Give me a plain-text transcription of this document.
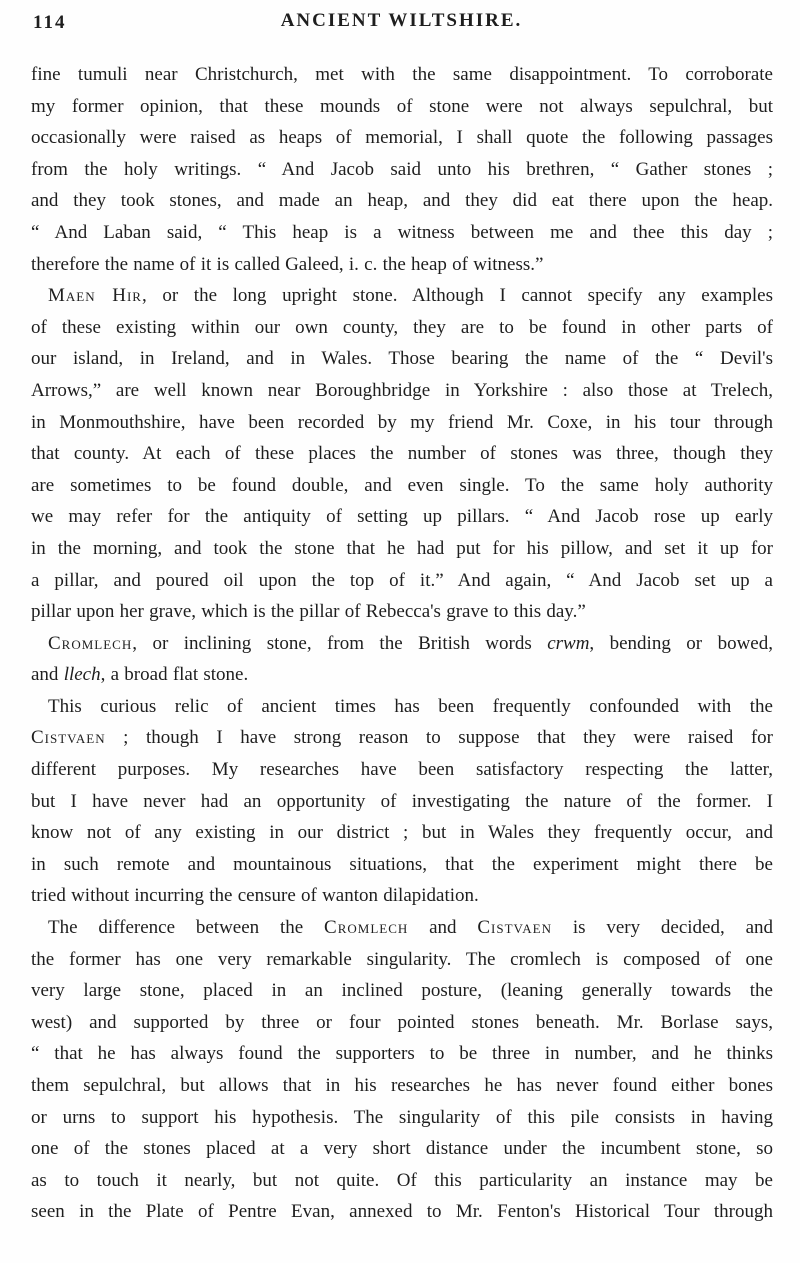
114	ANCIENT WILTSHIRE.
fine tumuli near Christchurch, met with the same disappointment. To corroborate
my former opinion, that these mounds of stone were not always sepulchral, but
occasionally were raised as heaps of memorial, I shall quote the following passages
from the holy writings. “ And Jacob said unto his brethren, “ Gather stones ;
and they took stones, and made an heap, and they did eat there upon the heap.
“ And Laban said, “ This heap is a witness between me and thee this day ;
therefore the name of it is called Galeed, i. c. the heap of witness.”
Maen Hir, or the long upright stone. Although I cannot specify any examples
of these existing within our own county, they are to be found in other parts of
our island, in Ireland, and in Wales. Those bearing the name of the “ Devil's
Arrows,” are well known near Boroughbridge in Yorkshire : also those at Trelech,
in Monmouthshire, have been recorded by my friend Mr. Coxe, in his tour through
that county. At each of these places the number of stones was three, though they
are sometimes to be found double, and even single. To the same holy authority
we may refer for the antiquity of setting up pillars. “ And Jacob rose up early
in the morning, and took the stone that he had put for his pillow, and set it up for
a pillar, and poured oil upon the top of it.” And again, “ And Jacob set up a
pillar upon her grave, which is the pillar of Rebecca's grave to this day.”
Cromlech, or inclining stone, from the British words crwm, bending or bowed,
and llech, a broad flat stone.
This curious relic of ancient times has been frequently confounded with the
Cistvaen ; though I have strong reason to suppose that they were raised for
different purposes. My researches have been satisfactory respecting the latter,
but I have never had an opportunity of investigating the nature of the former. I
know not of any existing in our district ; but in Wales they frequently occur, and
in such remote and mountainous situations, that the experiment might there be
tried without incurring the censure of wanton dilapidation.
The difference between the Cromlech and Cistvaen is very decided, and
the former has one very remarkable singularity. The cromlech is composed of one
very large stone, placed in an inclined posture, (leaning generally towards the
west) and supported by three or four pointed stones beneath. Mr. Borlase says,
“ that he has always found the supporters to be three in number, and he thinks
them sepulchral, but allows that in his researches he has never found either bones
or urns to support his hypothesis. The singularity of this pile consists in having
one of the stones placed at a very short distance under the incumbent stone, so
as to touch it nearly, but not quite. Of this particularity an instance may be
seen in the Plate of Pentre Evan, annexed to Mr. Fenton's Historical Tour through
